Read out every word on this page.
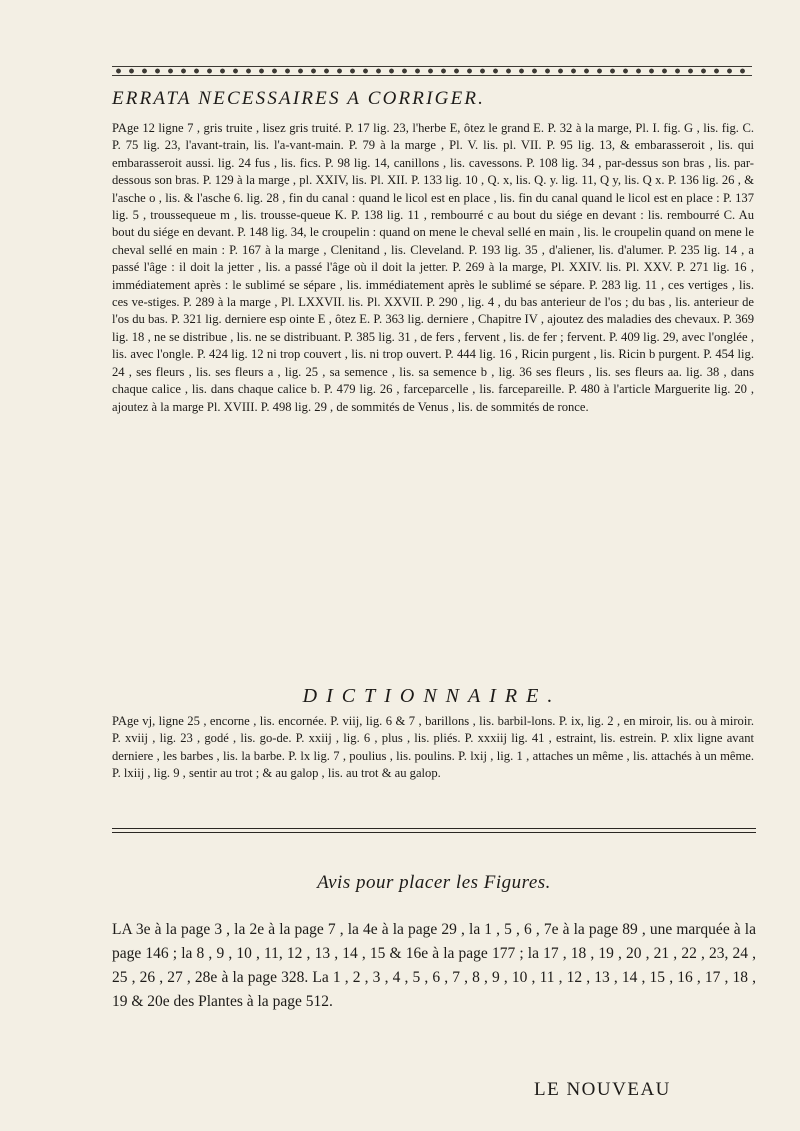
ERRATA NECESSAIRES A CORRIGER.
PAge 12 ligne 7 , gris truite , lisez gris truité. P. 17 lig. 23, l'herbe E, ôtez le grand E. P. 32 à la marge, Pl. I. fig. G , lis. fig. C. P. 75 lig. 23, l'avant-train, lis. l'a-vant-main. P. 79 à la marge , Pl. V. lis. pl. VII. P. 95 lig. 13, & embarasseroit , lis. qui embarasseroit aussi. lig. 24 fus , lis. fics. P. 98 lig. 14, canillons , lis. cavessons. P. 108 lig. 34 , par-dessus son bras , lis. par-dessous son bras. P. 129 à la marge , pl. XXIV, lis. Pl. XII. P. 133 lig. 10 , Q. x, lis. Q. y. lig. 11, Q y, lis. Q x. P. 136 lig. 26 , & l'asche o , lis. & l'asche 6. lig. 28 , fin du canal : quand le licol est en place , lis. fin du canal quand le licol est en place : P. 137 lig. 5 , troussequeue m , lis. trousse-queue K. P. 138 lig. 11 , rembourré c au bout du siége en devant : lis. rembourré C. Au bout du siége en devant. P. 148 lig. 34, le croupelin : quand on mene le cheval sellé en main , lis. le croupelin quand on mene le cheval sellé en main : P. 167 à la marge , Clenitand , lis. Cleveland. P. 193 lig. 35 , d'aliener, lis. d'alumer. P. 235 lig. 14 , a passé l'âge : il doit la jetter , lis. a passé l'âge où il doit la jetter. P. 269 à la marge, Pl. XXIV. lis. Pl. XXV. P. 271 lig. 16 , immédiatement après : le sublimé se sépare , lis. immédiatement après le sublimé se sépare. P. 283 lig. 11 , ces vertiges , lis. ces ve-stiges. P. 289 à la marge , Pl. LXXVII. lis. Pl. XXVII. P. 290 , lig. 4 , du bas anterieur de l'os ; du bas , lis. anterieur de l'os du bas. P. 321 lig. derniere esp ointe E , ôtez E. P. 363 lig. derniere , Chapitre IV , ajoutez des maladies des chevaux. P. 369 lig. 18 , ne se distribue , lis. ne se distribuant. P. 385 lig. 31 , de fers , fervent , lis. de fer ; fervent. P. 409 lig. 29, avec l'onglée , lis. avec l'ongle. P. 424 lig. 12 ni trop couvert , lis. ni trop ouvert. P. 444 lig. 16 , Ricin purgent , lis. Ricin b purgent. P. 454 lig. 24 , ses fleurs , lis. ses fleurs a , lig. 25 , sa semence , lis. sa semence b , lig. 36 ses fleurs , lis. ses fleurs aa. lig. 38 , dans chaque calice , lis. dans chaque calice b. P. 479 lig. 26 , farceparcelle , lis. farcepareille. P. 480 à l'article Marguerite lig. 20 , ajoutez à la marge Pl. XVIII. P. 498 lig. 29 , de sommités de Venus , lis. de sommités de ronce.
DICTIONNAIRE.
PAge vj, ligne 25 , encorne , lis. encornée. P. viij, lig. 6 & 7 , barillons , lis. barbil-lons. P. ix, lig. 2 , en miroir, lis. ou à miroir. P. xviij , lig. 23 , godé , lis. go-de. P. xxiij , lig. 6 , plus , lis. pliés. P. xxxiij lig. 41 , estraint, lis. estrein. P. xlix ligne avant derniere , les barbes , lis. la barbe. P. lx lig. 7 , poulius , lis. poulins. P. lxij , lig. 1 , attaches un même , lis. attachés à un même. P. lxiij , lig. 9 , sentir au trot ; & au galop , lis. au trot & au galop.
Avis pour placer les Figures.
LA 3e à la page 3 , la 2e à la page 7 , la 4e à la page 29 , la 1 , 5 , 6 , 7e à la page 89 , une marquée à la page 146 ; la 8 , 9 , 10 , 11, 12 , 13 , 14 , 15 & 16e à la page 177 ; la 17 , 18 , 19 , 20 , 21 , 22 , 23, 24 , 25 , 26 , 27 , 28e à la page 328. La 1 , 2 , 3 , 4 , 5 , 6 , 7 , 8 , 9 , 10 , 11 , 12 , 13 , 14 , 15 , 16 , 17 , 18 , 19 & 20e des Plantes à la page 512.
LE NOUVEAU
